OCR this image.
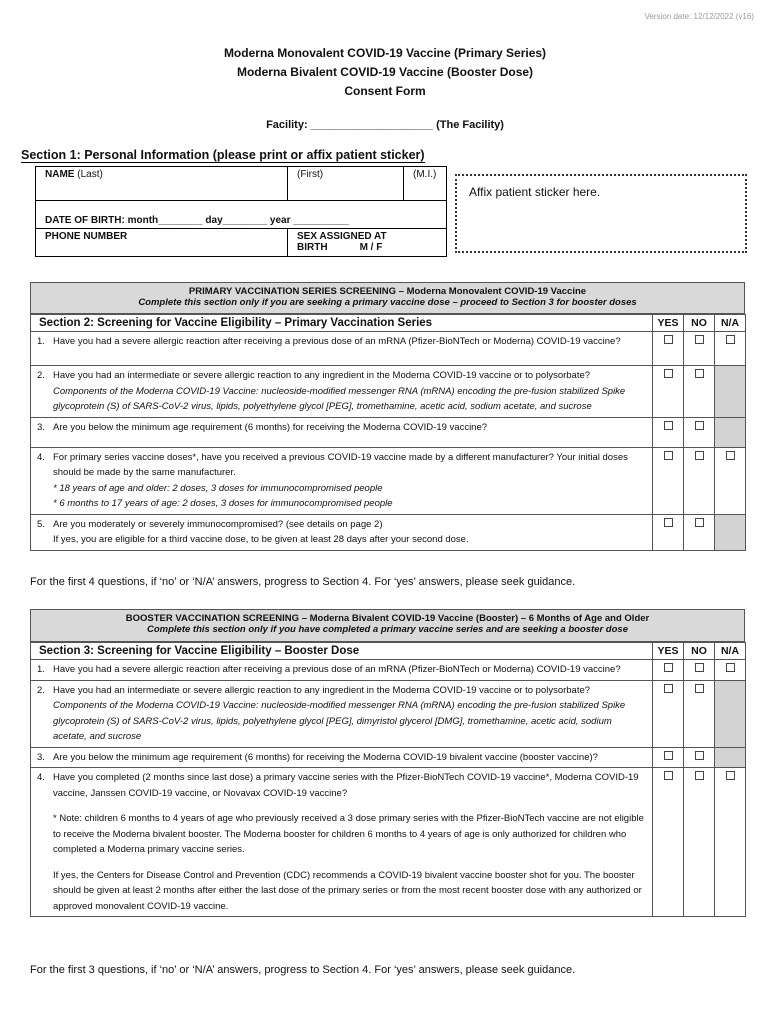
Version date: 12/12/2022 (v16)
Moderna Monovalent COVID-19 Vaccine (Primary Series)
Moderna Bivalent COVID-19 Vaccine (Booster Dose)
Consent Form
Facility: ____________________ (The Facility)
Section 1: Personal Information (please print or affix patient sticker)
NAME (Last)	(First)	(M.I.)
DATE OF BIRTH: month________ day________ year __________		
PHONE NUMBER	SEX ASSIGNED AT BIRTH M / F	
Affix patient sticker here.
PRIMARY VACCINATION SERIES SCREENING – Moderna Monovalent COVID-19 Vaccine
Complete this section only if you are seeking a primary vaccine dose – proceed to Section 3 for booster doses
Section 2: Screening for Vaccine Eligibility – Primary Vaccination Series	YES	NO	N/A

1. Have you had a severe allergic reaction after receiving a previous dose of an mRNA (Pfizer-BioNTech or Moderna) COVID-19 vaccine?			

2. Have you had an intermediate or severe allergic reaction to any ingredient in the Moderna COVID-19 vaccine or to polysorbate?
Components of the Moderna COVID-19 Vaccine: nucleoside-modified messenger RNA (mRNA) encoding the pre-fusion stabilized Spike glycoprotein (S) of SARS-CoV-2 virus, lipids, polyethylene glycol [PEG], tromethamine, acetic acid, sodium acetate, and sucrose			

3. Are you below the minimum age requirement (6 months) for receiving the Moderna COVID-19 vaccine?			

4. For primary series vaccine doses*, have you received a previous COVID-19 vaccine made by a different manufacturer? Your initial doses should be made by the same manufacturer.
* 18 years of age and older: 2 doses, 3 doses for immunocompromised people
* 6 months to 17 years of age: 2 doses, 3 doses for immunocompromised people			

5. Are you moderately or severely immunocompromised? (see details on page 2)
If yes, you are eligible for a third vaccine dose, to be given at least 28 days after your second dose.			
For the first 4 questions, if ‘no’ or ‘N/A’ answers, progress to Section 4. For ‘yes’ answers, please seek guidance.
BOOSTER VACCINATION SCREENING – Moderna Bivalent COVID-19 Vaccine (Booster) – 6 Months of Age and Older
Complete this section only if you have completed a primary vaccine series and are seeking a booster dose
Section 3: Screening for Vaccine Eligibility – Booster Dose	YES	NO	N/A

1. Have you had a severe allergic reaction after receiving a previous dose of an mRNA (Pfizer-BioNTech or Moderna) COVID-19 vaccine?			

2. Have you had an intermediate or severe allergic reaction to any ingredient in the Moderna COVID-19 vaccine or to polysorbate?
Components of the Moderna COVID-19 Vaccine: nucleoside-modified messenger RNA (mRNA) encoding the pre-fusion stabilized Spike glycoprotein (S) of SARS-CoV-2 virus, lipids, polyethylene glycol [PEG], dimyristol glycerol [DMG], tromethamine, acetic acid, sodium acetate, and sucrose			

3. Are you below the minimum age requirement (6 months) for receiving the Moderna COVID-19 bivalent vaccine (booster vaccine)?			

4. Have you completed (2 months since last dose) a primary vaccine series with the Pfizer-BioNTech COVID-19 vaccine*, Moderna COVID-19 vaccine, Janssen COVID-19 vaccine, or Novavax COVID-19 vaccine?
* Note: children 6 months to 4 years of age who previously received a 3 dose primary series with the Pfizer-BioNTech vaccine are not eligible to receive the Moderna bivalent booster. The Moderna booster for children 6 months to 4 years of age is only authorized for children who completed a Moderna primary vaccine series.
If yes, the Centers for Disease Control and Prevention (CDC) recommends a COVID-19 bivalent vaccine booster shot for you. The booster should be given at least 2 months after either the last dose of the primary series or from the most recent booster dose with any authorized or approved monovalent COVID-19 vaccine.			

For the first 3 questions, if ‘no’ or ‘N/A’ answers, progress to Section 4. For ‘yes’ answers, please seek guidance.
